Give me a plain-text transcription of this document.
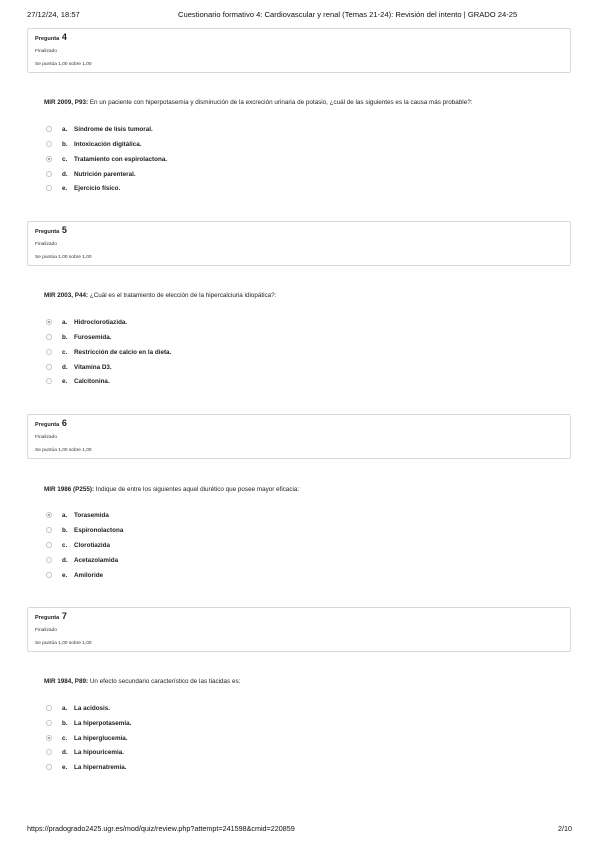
27/12/24, 18:57	Cuestionario formativo 4: Cardiovascular y renal (Temas 21-24): Revisión del intento | GRADO 24-25
Pregunta 4
Finalizado
Se puntúa 1,00 sobre 1,00
MIR 2009, P93: En un paciente con hiperpotasemia y disminución de la excreción urinaria de potasio, ¿cuál de las siguientes es la causa más probable?:
a.	Síndrome de lisis tumoral.
b.	Intoxicación digitálica.
c.	Tratamiento con espirolactona.
d.	Nutrición parenteral.
e.	Ejercicio físico.
Pregunta 5
Finalizado
Se puntúa 1,00 sobre 1,00
MIR 2003, P44: ¿Cuál es el tratamiento de elección de la hipercalciuria idiopática?:
a.	Hidroclorotiazida.
b.	Furosemida.
c.	Restricción de calcio en la dieta.
d.	Vitamina D3.
e.	Calcitonina.
Pregunta 6
Finalizado
Se puntúa 1,00 sobre 1,00
MIR 1986 (P255): Indique de entre los siguientes aquel diurético que posee mayor eficacia:
a.	Torasemida
b.	Espironolactona
c.	Clorotiazida
d.	Acetazolamida
e.	Amiloride
Pregunta 7
Finalizado
Se puntúa 1,00 sobre 1,00
MIR 1984, P89: Un efecto secundario característico de las tiacidas es:
a.	La acidosis.
b.	La hiperpotasemia.
c.	La hiperglucemia.
d.	La hipouricemia.
e.	La hipernatremia.
https://pradogrado2425.ugr.es/mod/quiz/review.php?attempt=241598&cmid=220859	2/10
